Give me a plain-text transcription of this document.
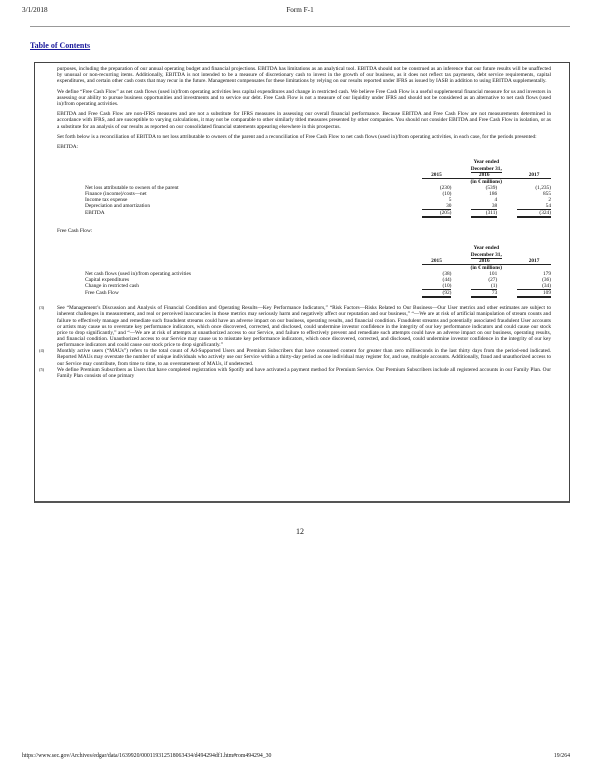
3/1/2018	Form F-1
Table of Contents

purposes, including the preparation of our annual operating budget and financial projections. EBITDA has limitations as an analytical tool. EBITDA should not be construed as an inference that our future results will be unaffected by unusual or non-recurring items. Additionally, EBITDA is not intended to be a measure of discretionary cash to invest in the growth of our business, as it does not reflect tax payments, debt service requirements, capital expenditures, and certain other cash costs that may recur in the future. Management compensates for these limitations by relying on our results reported under IFRS as issued by IASB in addition to using EBITDA supplementally.

We define “Free Cash Flow” as net cash flows (used in)/from operating activities less capital expenditures and change in restricted cash. We believe Free Cash Flow is a useful supplemental financial measure for us and investors in assessing our ability to pursue business opportunities and investments and to service our debt. Free Cash Flow is not a measure of our liquidity under IFRS and should not be considered as an alternative to net cash flows (used in)/from operating activities.

EBITDA and Free Cash Flow are non-IFRS measures and are not a substitute for IFRS measures in assessing our overall financial performance. Because EBITDA and Free Cash Flow are not measurements determined in accordance with IFRS, and are susceptible to varying calculations, it may not be comparable to other similarly titled measures presented by other companies. You should not consider EBITDA and Free Cash Flow in isolation, or as a substitute for an analysis of our results as reported on our consolidated financial statements appearing elsewhere in this prospectus.

Set forth below is a reconciliation of EBITDA to net loss attributable to owners of the parent and a reconciliation of Free Cash Flow to net cash flows (used in)/from operating activities, in each case, for the periods presented:

EBITDA:
	Year ended				
	December 31,				
	2015		2016		2017
	(in € millions)				
Net loss attributable to owners of the parent	(230)		(539)		(1,235)
Finance (income)/costs—net	(10)		186		855
Income tax expense	5		4		2
Depreciation and amortization	30		38		54
EBITDA	(205)		(311)		(324)
Free Cash Flow:
	Year ended				
	December 31,				
	2015		2016		2017
	(in € millions)				
Net cash flows (used in)/from operating activities	(38)		101		179
Capital expenditures	(44)		(27)		(36)
Change in restricted cash	(10)		(1)		(34)
Free Cash Flow	(92)		73		109
(3)	See “Management’s Discussion and Analysis of Financial Condition and Operating Results—Key Performance Indicators,” “Risk Factors—Risks Related to Our Business—Our User metrics and other estimates are subject to inherent challenges in measurement, and real or perceived inaccuracies in those metrics may seriously harm and negatively affect our reputation and our business,” “—We are at risk of artificial manipulation of stream counts and failure to effectively manage and remediate such fraudulent streams could have an adverse impact on our business, operating results, and financial condition. Fraudulent streams and potentially associated fraudulent User accounts or artists may cause us to overstate key performance indicators, which once discovered, corrected, and disclosed, could undermine investor confidence in the integrity of our key performance indicators and could cause our stock price to drop significantly,” and “—We are at risk of attempts at unauthorized access to our Service, and failure to effectively prevent and remediate such attempts could have an adverse impact on our business, operating results, and financial condition. Unauthorized access to our Service may cause us to misstate key performance indicators, which once discovered, corrected, and disclosed, could undermine investor confidence in the integrity of our key performance indicators and could cause our stock price to drop significantly.”
(4)	Monthly active users (“MAUs”) refers to the total count of Ad-Supported Users and Premium Subscribers that have consumed content for greater than zero milliseconds in the last thirty days from the period-end indicated. Reported MAUs may overstate the number of unique individuals who actively use our Service within a thirty-day period as one individual may register for, and use, multiple accounts. Additionally, fraud and unauthorized access to our Service may contribute, from time to time, to an overstatement of MAUs, if undetected.
(5)	We define Premium Subscribers as Users that have completed registration with Spotify and have activated a payment method for Premium Service. Our Premium Subscribers include all registered accounts in our Family Plan. Our Family Plan consists of one primary
12
https://www.sec.gov/Archives/edgar/data/1639920/000119312518063434/d494294df1.htm#rom494294_30	19/264
